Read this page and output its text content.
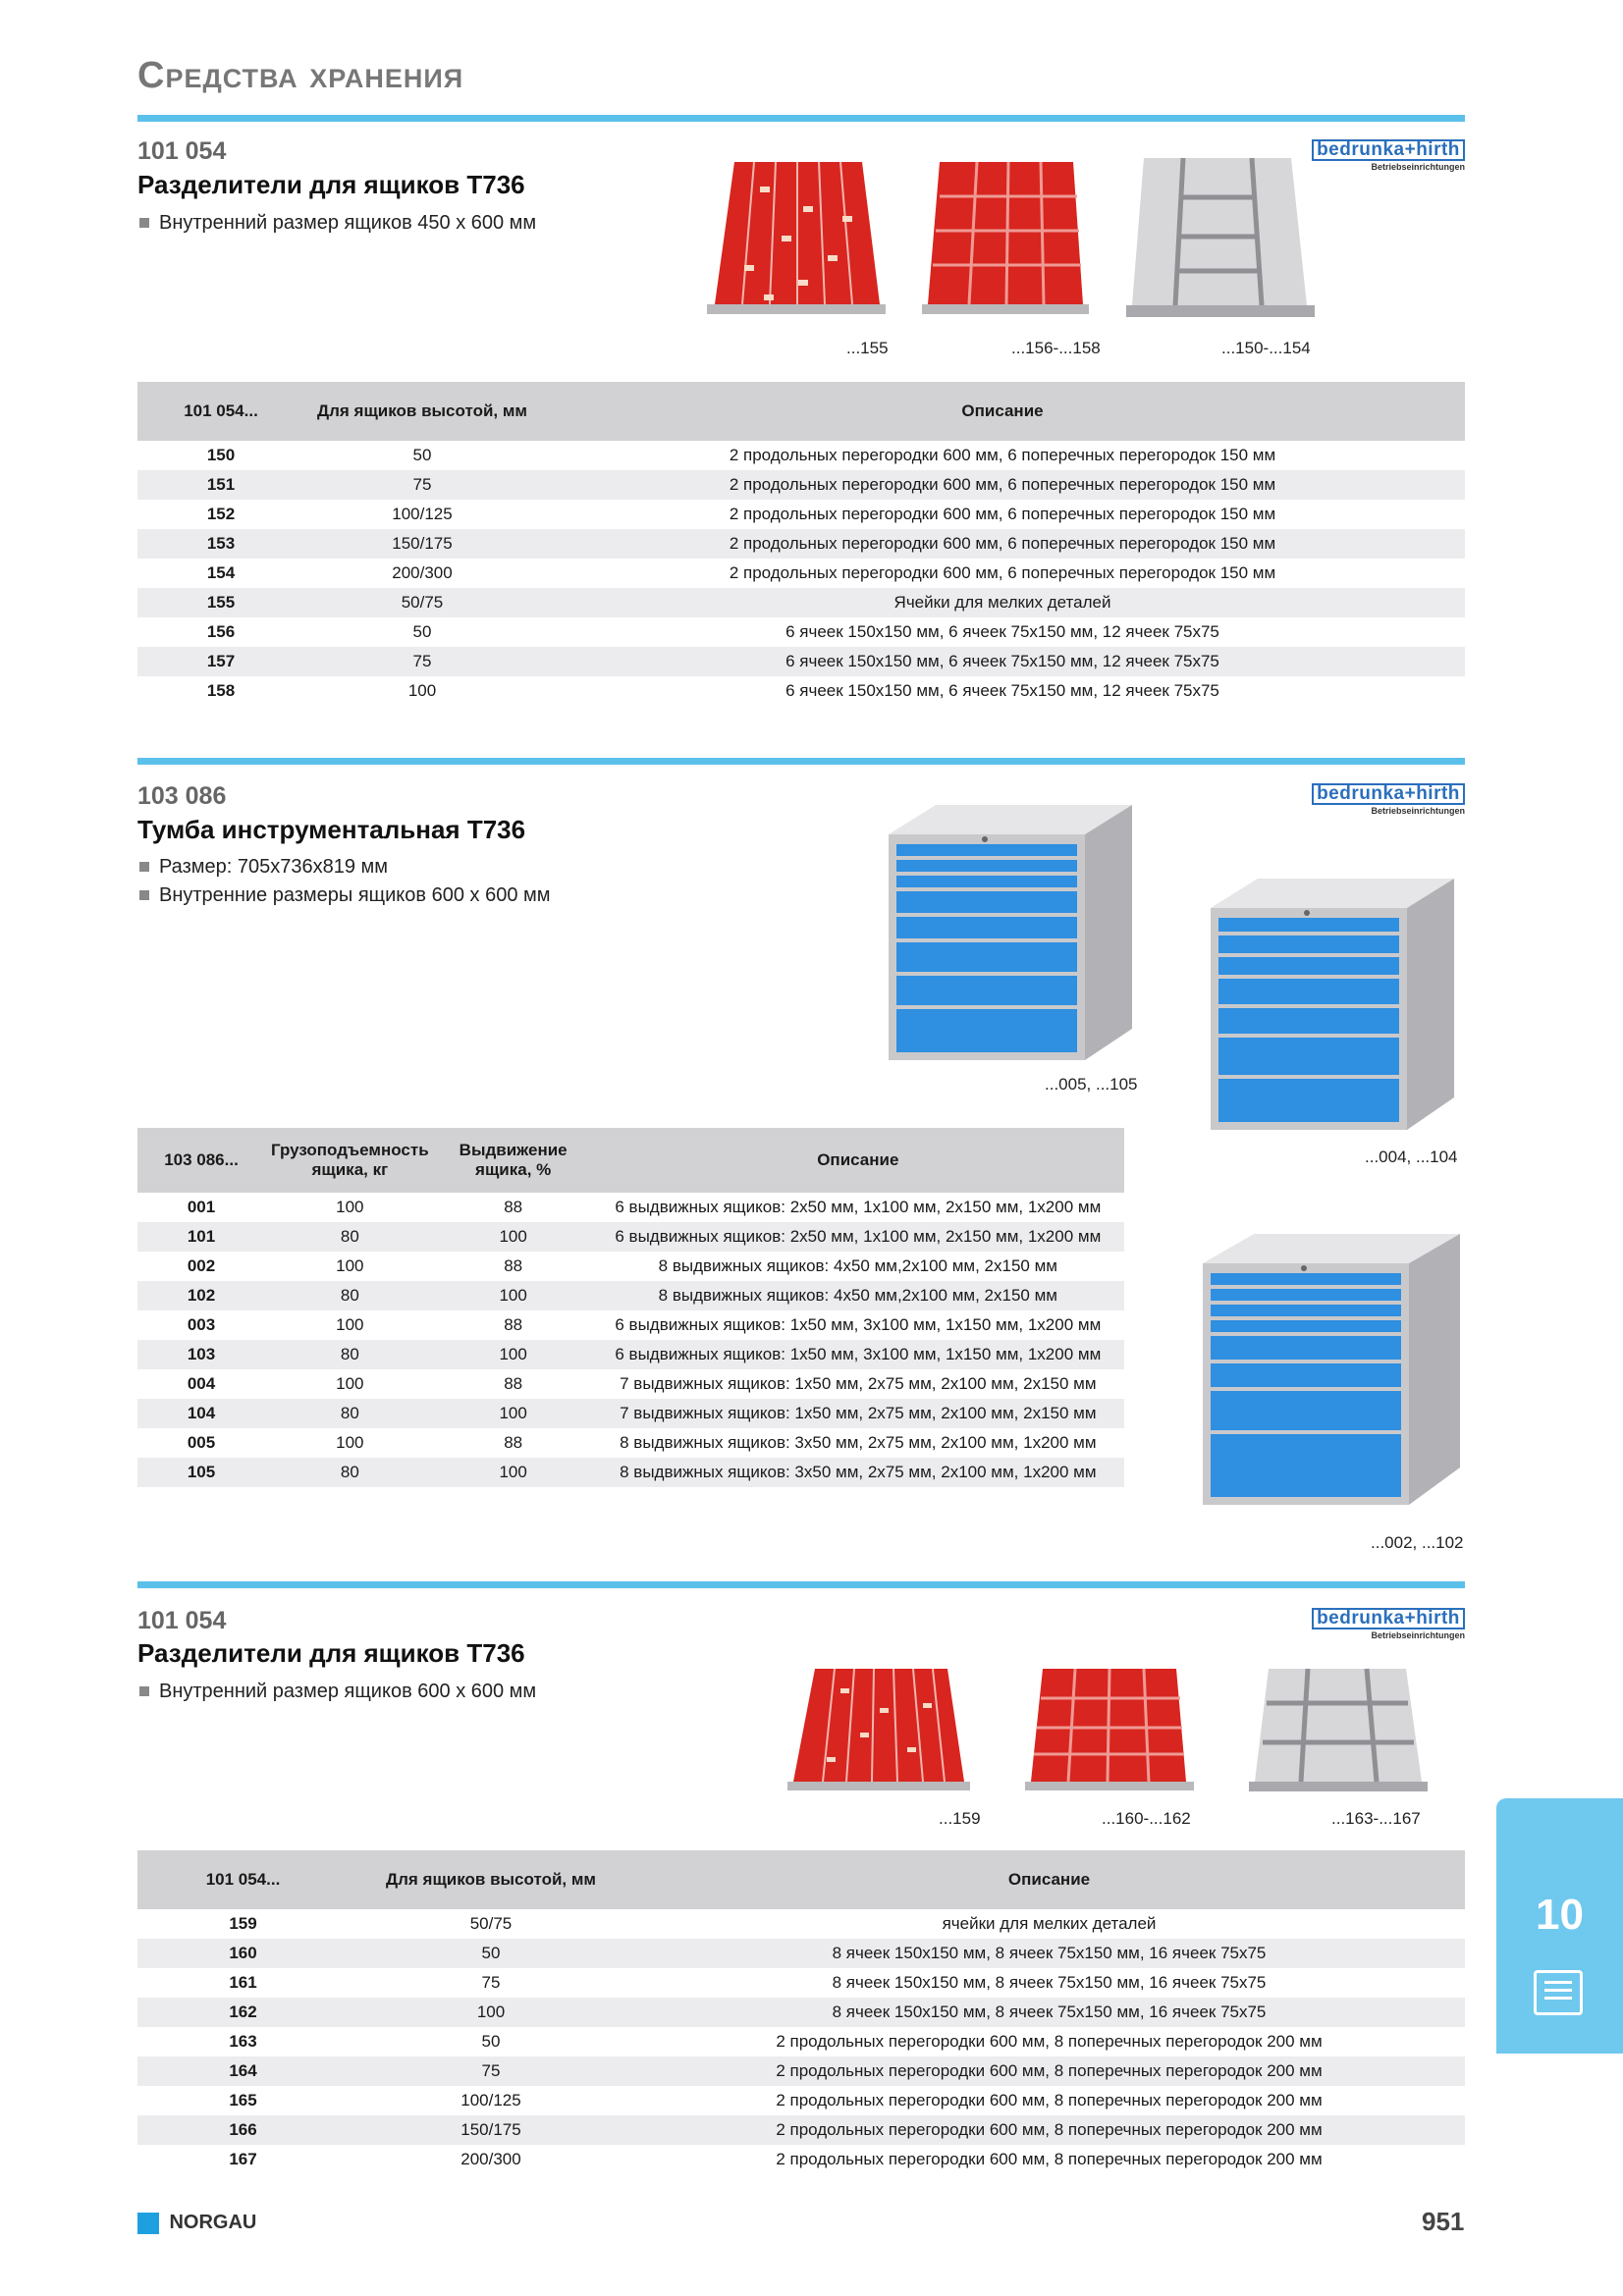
Средства хранения
101 054
Разделители для ящиков T736
Внутренний размер ящиков 450 x 600 мм
bedrunka+hirth
Betriebseinrichtungen
...155	...156-...158	...150-...154
101 054...	Для ящиков высотой, мм	Описание
150	50	2 продольных перегородки 600 мм, 6 поперечных перегородок 150 мм
151	75	2 продольных перегородки 600 мм, 6 поперечных перегородок 150 мм
152	100/125	2 продольных перегородки 600 мм, 6 поперечных перегородок 150 мм
153	150/175	2 продольных перегородки 600 мм, 6 поперечных перегородок 150 мм
154	200/300	2 продольных перегородки 600 мм, 6 поперечных перегородок 150 мм
155	50/75	Ячейки для мелких деталей
156	50	6 ячеек 150x150 мм, 6 ячеек 75x150 мм, 12 ячеек 75x75
157	75	6 ячеек 150x150 мм, 6 ячеек 75x150 мм, 12 ячеек 75x75
158	100	6 ячеек 150x150 мм, 6 ячеек 75x150 мм, 12 ячеек 75x75
103 086
Тумба инструментальная T736
Размер: 705x736x819 мм
Внутренние размеры ящиков 600 x 600 мм
bedrunka+hirth
Betriebseinrichtungen
...005, ...105
...004, ...104
...002, ...102
103 086...	Грузоподъемность ящика, кг	Выдвижение ящика, %	Описание
001	100	88	6 выдвижных ящиков: 2x50 мм, 1x100 мм, 2x150 мм, 1x200 мм
101	80	100	6 выдвижных ящиков: 2x50 мм, 1x100 мм, 2x150 мм, 1x200 мм
002	100	88	8 выдвижных ящиков: 4x50 мм,2x100 мм, 2x150 мм
102	80	100	8 выдвижных ящиков: 4x50 мм,2x100 мм, 2x150 мм
003	100	88	6 выдвижных ящиков: 1x50 мм, 3x100 мм, 1x150 мм, 1x200 мм
103	80	100	6 выдвижных ящиков: 1x50 мм, 3x100 мм, 1x150 мм, 1x200 мм
004	100	88	7 выдвижных ящиков: 1x50 мм, 2x75 мм, 2x100 мм, 2x150 мм
104	80	100	7 выдвижных ящиков: 1x50 мм, 2x75 мм, 2x100 мм, 2x150 мм
005	100	88	8 выдвижных ящиков: 3x50 мм, 2x75 мм, 2x100 мм, 1x200 мм
105	80	100	8 выдвижных ящиков: 3x50 мм, 2x75 мм, 2x100 мм, 1x200 мм
101 054
Разделители для ящиков T736
Внутренний размер ящиков 600 x 600 мм
bedrunka+hirth
Betriebseinrichtungen
...159	...160-...162	...163-...167
101 054...	Для ящиков высотой, мм	Описание
159	50/75	ячейки для мелких деталей
160	50	8 ячеек 150x150 мм, 8 ячеек 75x150 мм, 16 ячеек 75x75
161	75	8 ячеек 150x150 мм, 8 ячеек 75x150 мм, 16 ячеек 75x75
162	100	8 ячеек 150x150 мм, 8 ячеек 75x150 мм, 16 ячеек 75x75
163	50	2 продольных перегородки 600 мм, 8 поперечных перегородок 200 мм
164	75	2 продольных перегородки 600 мм, 8 поперечных перегородок 200 мм
165	100/125	2 продольных перегородки 600 мм, 8 поперечных перегородок 200 мм
166	150/175	2 продольных перегородки 600 мм, 8 поперечных перегородок 200 мм
167	200/300	2 продольных перегородки 600 мм, 8 поперечных перегородок 200 мм
10
NORGAU	951
